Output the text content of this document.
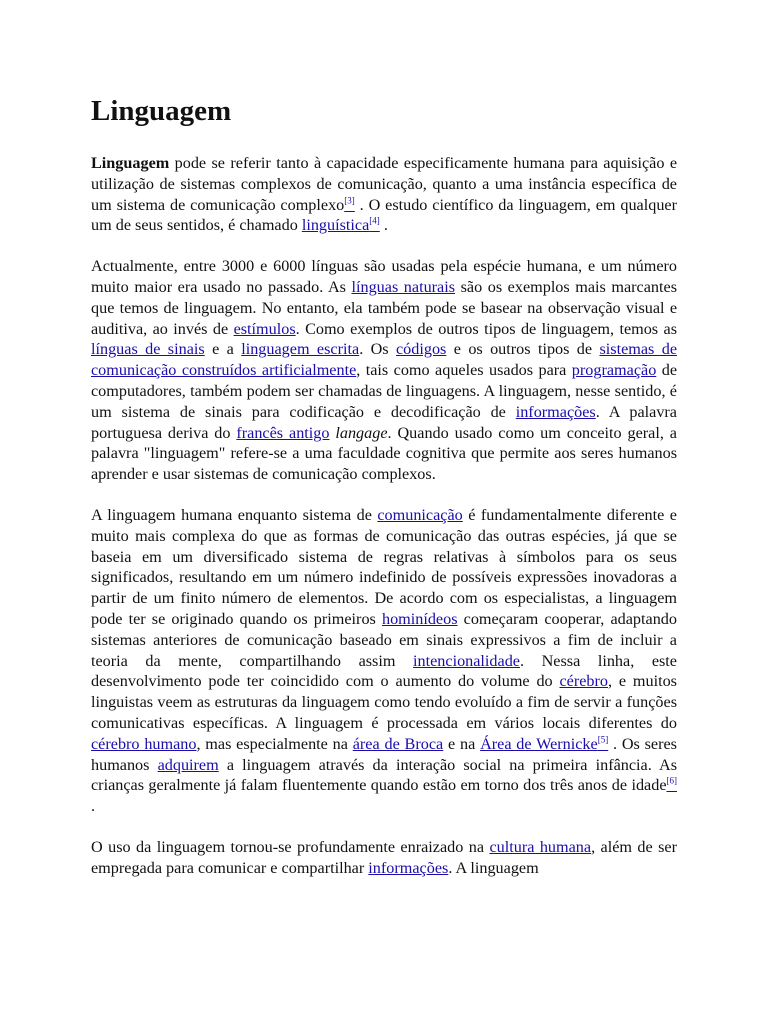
Linguagem

Linguagem pode se referir tanto à capacidade especificamente humana para aquisição e utilização de sistemas complexos de comunicação, quanto a uma instância específica de um sistema de comunicação complexo[3] . O estudo científico da linguagem, em qualquer um de seus sentidos, é chamado linguística[4] .

Actualmente, entre 3000 e 6000 línguas são usadas pela espécie humana, e um número muito maior era usado no passado. As línguas naturais são os exemplos mais marcantes que temos de linguagem. No entanto, ela também pode se basear na observação visual e auditiva, ao invés de estímulos. Como exemplos de outros tipos de linguagem, temos as línguas de sinais e a linguagem escrita. Os códigos e os outros tipos de sistemas de comunicação construídos artificialmente, tais como aqueles usados para programação de computadores, também podem ser chamadas de linguagens. A linguagem, nesse sentido, é um sistema de sinais para codificação e decodificação de informações. A palavra portuguesa deriva do francês antigo langage. Quando usado como um conceito geral, a palavra "linguagem" refere-se a uma faculdade cognitiva que permite aos seres humanos aprender e usar sistemas de comunicação complexos.

A linguagem humana enquanto sistema de comunicação é fundamentalmente diferente e muito mais complexa do que as formas de comunicação das outras espécies, já que se baseia em um diversificado sistema de regras relativas à símbolos para os seus significados, resultando em um número indefinido de possíveis expressões inovadoras a partir de um finito número de elementos. De acordo com os especialistas, a linguagem pode ter se originado quando os primeiros hominídeos começaram cooperar, adaptando sistemas anteriores de comunicação baseado em sinais expressivos a fim de incluir a teoria da mente, compartilhando assim intencionalidade. Nessa linha, este desenvolvimento pode ter coincidido com o aumento do volume do cérebro, e muitos linguistas veem as estruturas da linguagem como tendo evoluído a fim de servir a funções comunicativas específicas. A linguagem é processada em vários locais diferentes do cérebro humano, mas especialmente na área de Broca e na Área de Wernicke[5] . Os seres humanos adquirem a linguagem através da interação social na primeira infância. As crianças geralmente já falam fluentemente quando estão em torno dos três anos de idade[6] .

O uso da linguagem tornou-se profundamente enraizado na cultura humana, além de ser empregada para comunicar e compartilhar informações. A linguagem
